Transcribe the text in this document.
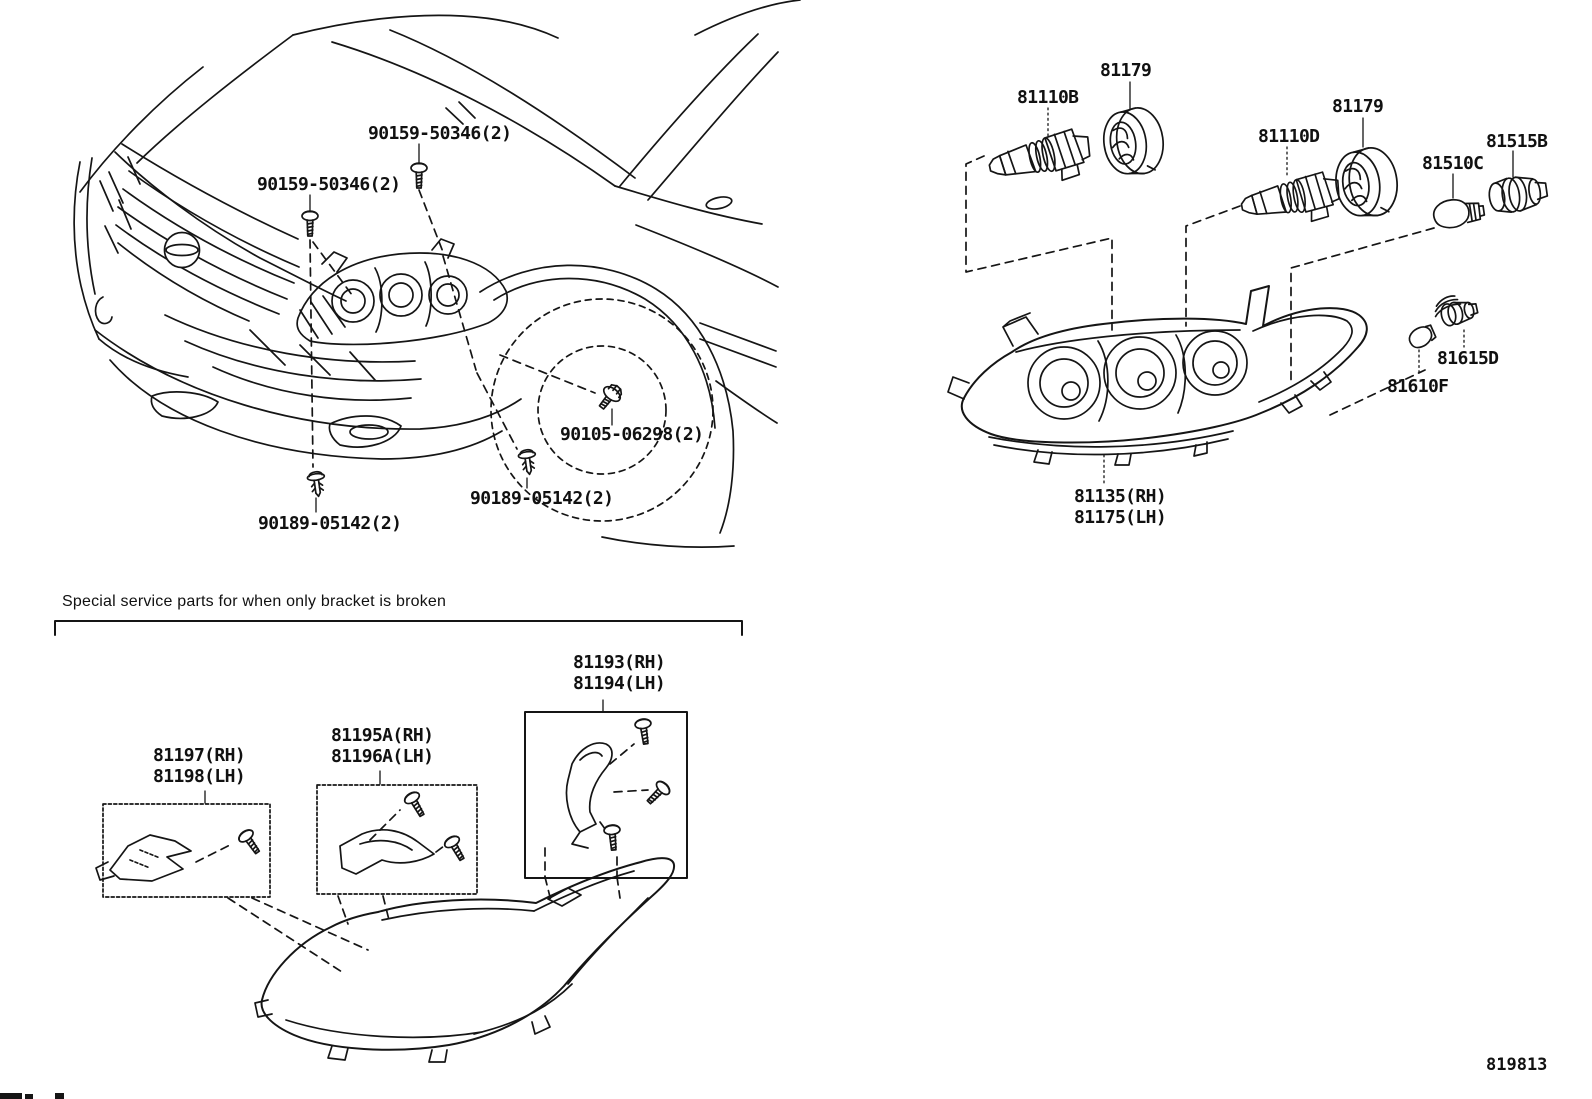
90159-50346(2)
90159-50346(2)
90105-06298(2)
90189-05142(2)
90189-05142(2)
81179
81110B
81110D
81179
81515B
81510C
81615D
81610F
81135(RH)
81175(LH)
81193(RH)
81194(LH)
81195A(RH)
81196A(LH)
81197(RH)
81198(LH)
Special service parts for when only bracket is broken
819813
